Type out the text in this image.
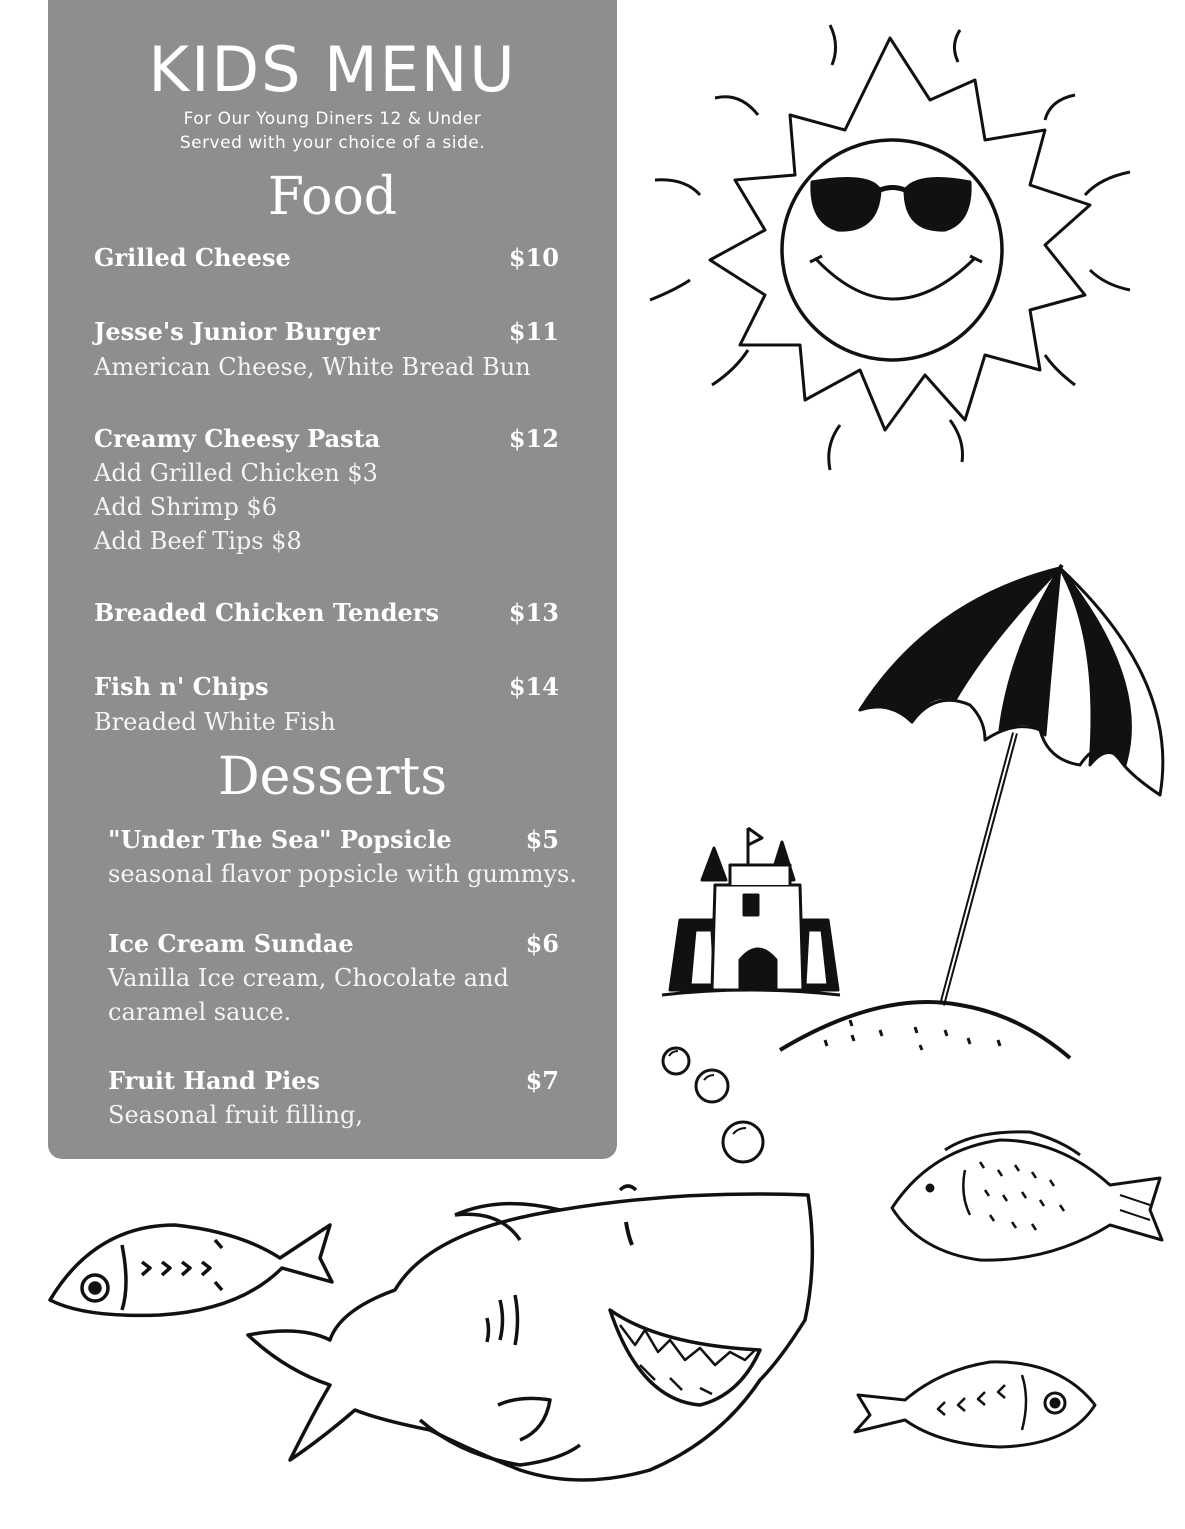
KIDS MENU
For Our Young Diners 12 & Under
Served with your choice of a side.
Food
Desserts
Grilled Cheese	$10
Jesse's Junior Burger	$11
American Cheese, White Bread Bun
Creamy Cheesy Pasta	$12
Add Grilled Chicken $3
Add Shrimp $6
Add Beef Tips $8
Breaded Chicken Tenders	$13
Fish n' Chips	$14
Breaded White Fish
"Under The Sea" Popsicle	$5
seasonal flavor popsicle with gummys.
Ice Cream Sundae	$6
Vanilla Ice cream, Chocolate and
caramel sauce.
Fruit Hand Pies	$7
Seasonal fruit filling,
